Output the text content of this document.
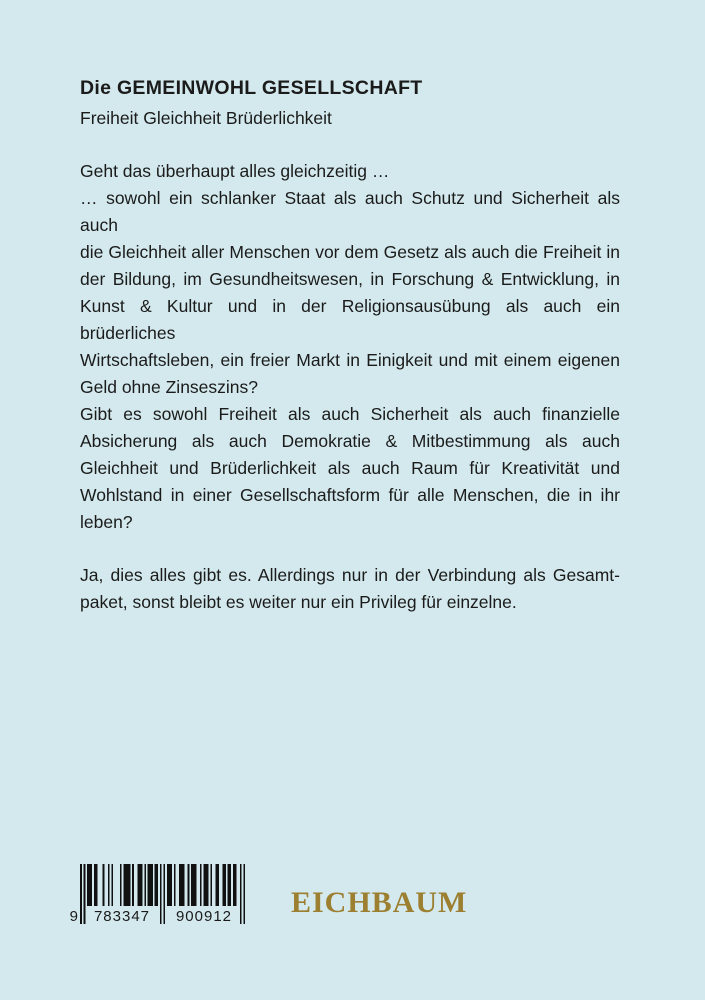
Die GEMEINWOHL GESELLSCHAFT
Freiheit Gleichheit Brüderlichkeit
Geht das überhaupt alles gleichzeitig …
… sowohl ein schlanker Staat als auch Schutz und Sicherheit als auch
die Gleichheit aller Menschen vor dem Gesetz als auch die Freiheit in
der Bildung, im Gesundheitswesen, in Forschung & Entwicklung, in
Kunst & Kultur und in der Religionsausübung als auch ein brüderliches
Wirtschaftsleben, ein freier Markt in Einigkeit und mit einem eigenen
Geld ohne Zinseszins?
Gibt es sowohl Freiheit als auch Sicherheit als auch finanzielle
Absicherung als auch Demokratie & Mitbestimmung als auch
Gleichheit und Brüderlichkeit als auch Raum für Kreativität und
Wohlstand in einer Gesellschaftsform für alle Menschen, die in ihr
leben?
Ja, dies alles gibt es. Allerdings nur in der Verbindung als Gesamt-
paket, sonst bleibt es weiter nur ein Privileg für einzelne.
9	783347	900912 EICHBAUM
